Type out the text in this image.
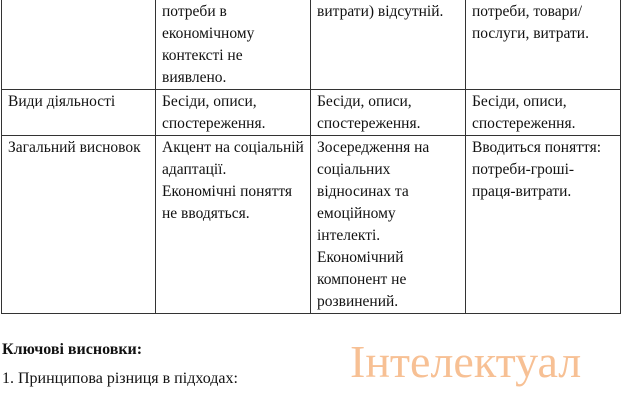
	потреби в економічному контексті не виявлено.	витрати) відсутній.	потреби, товари/послуги, витрати.
Види діяльності	Бесіди, описи, спостереження.	Бесіди, описи, спостереження.	Бесіди, описи, спостереження.
Загальний висновок	Акцент на соціальній адаптації. Економічні поняття не вводяться.	Зосередження на соціальних відносинах та емоційному інтелекті. Економічний компонент не розвинений.	Вводиться поняття: потреби-гроші-праця-витрати.
Ключові висновки:
1. Принципова різниця в підходах: Інтелектуал
